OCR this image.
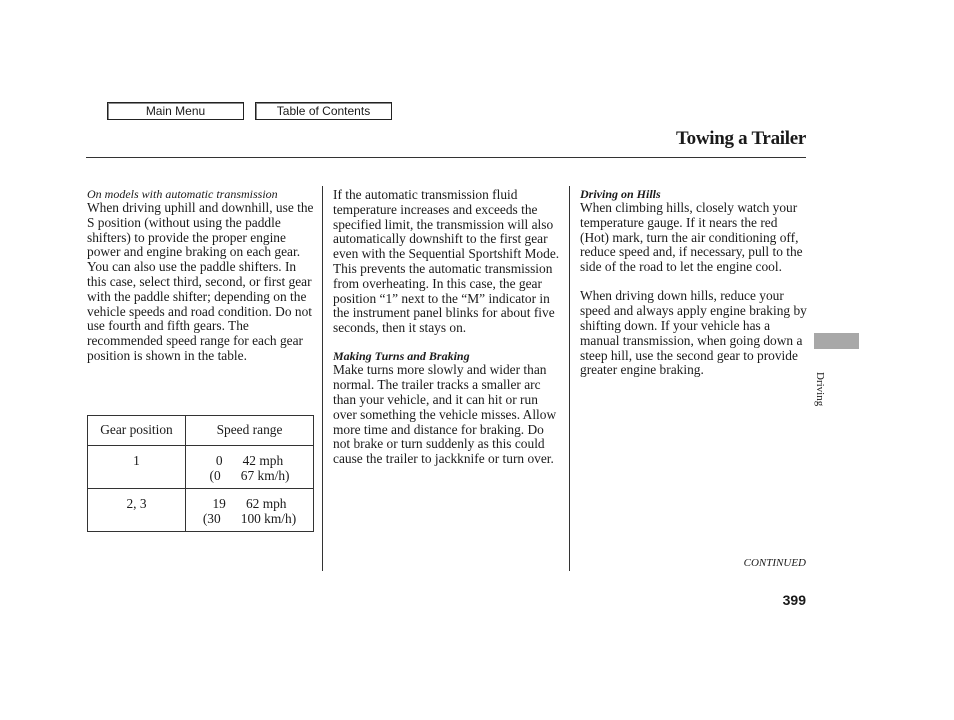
Main Menu	Table of Contents
Towing a Trailer
On models with automatic transmission

When driving uphill and downhill, use the S position (without using the paddle shifters) to provide the proper engine power and engine braking on each gear. You can also use the paddle shifters. In this case, select third, second, or first gear with the paddle shifter; depending on the vehicle speeds and road condition. Do not use fourth and fifth gears. The recommended speed range for each gear position is shown in the table.

Gear position	Speed range
1	0      42 mph
(0      67 km/h)

2, 3	19      62 mph
(30      100 km/h)

If the automatic transmission fluid temperature increases and exceeds the specified limit, the transmission will also automatically downshift to the first gear even with the Sequential Sportshift Mode. This prevents the automatic transmission from overheating. In this case, the gear position “1” next to the “M” indicator in the instrument panel blinks for about five seconds, then it stays on.

Making Turns and Braking

Make turns more slowly and wider than normal. The trailer tracks a smaller arc than your vehicle, and it can hit or run over something the vehicle misses. Allow more time and distance for braking. Do not brake or turn suddenly as this could cause the trailer to jackknife or turn over.

Driving on Hills

When climbing hills, closely watch your temperature gauge. If it nears the red (Hot) mark, turn the air conditioning off, reduce speed and, if necessary, pull to the side of the road to let the engine cool.

When driving down hills, reduce your speed and always apply engine braking by shifting down. If your vehicle has a manual transmission, when going down a steep hill, use the second gear to provide greater engine braking.

Driving
CONTINUED
399
